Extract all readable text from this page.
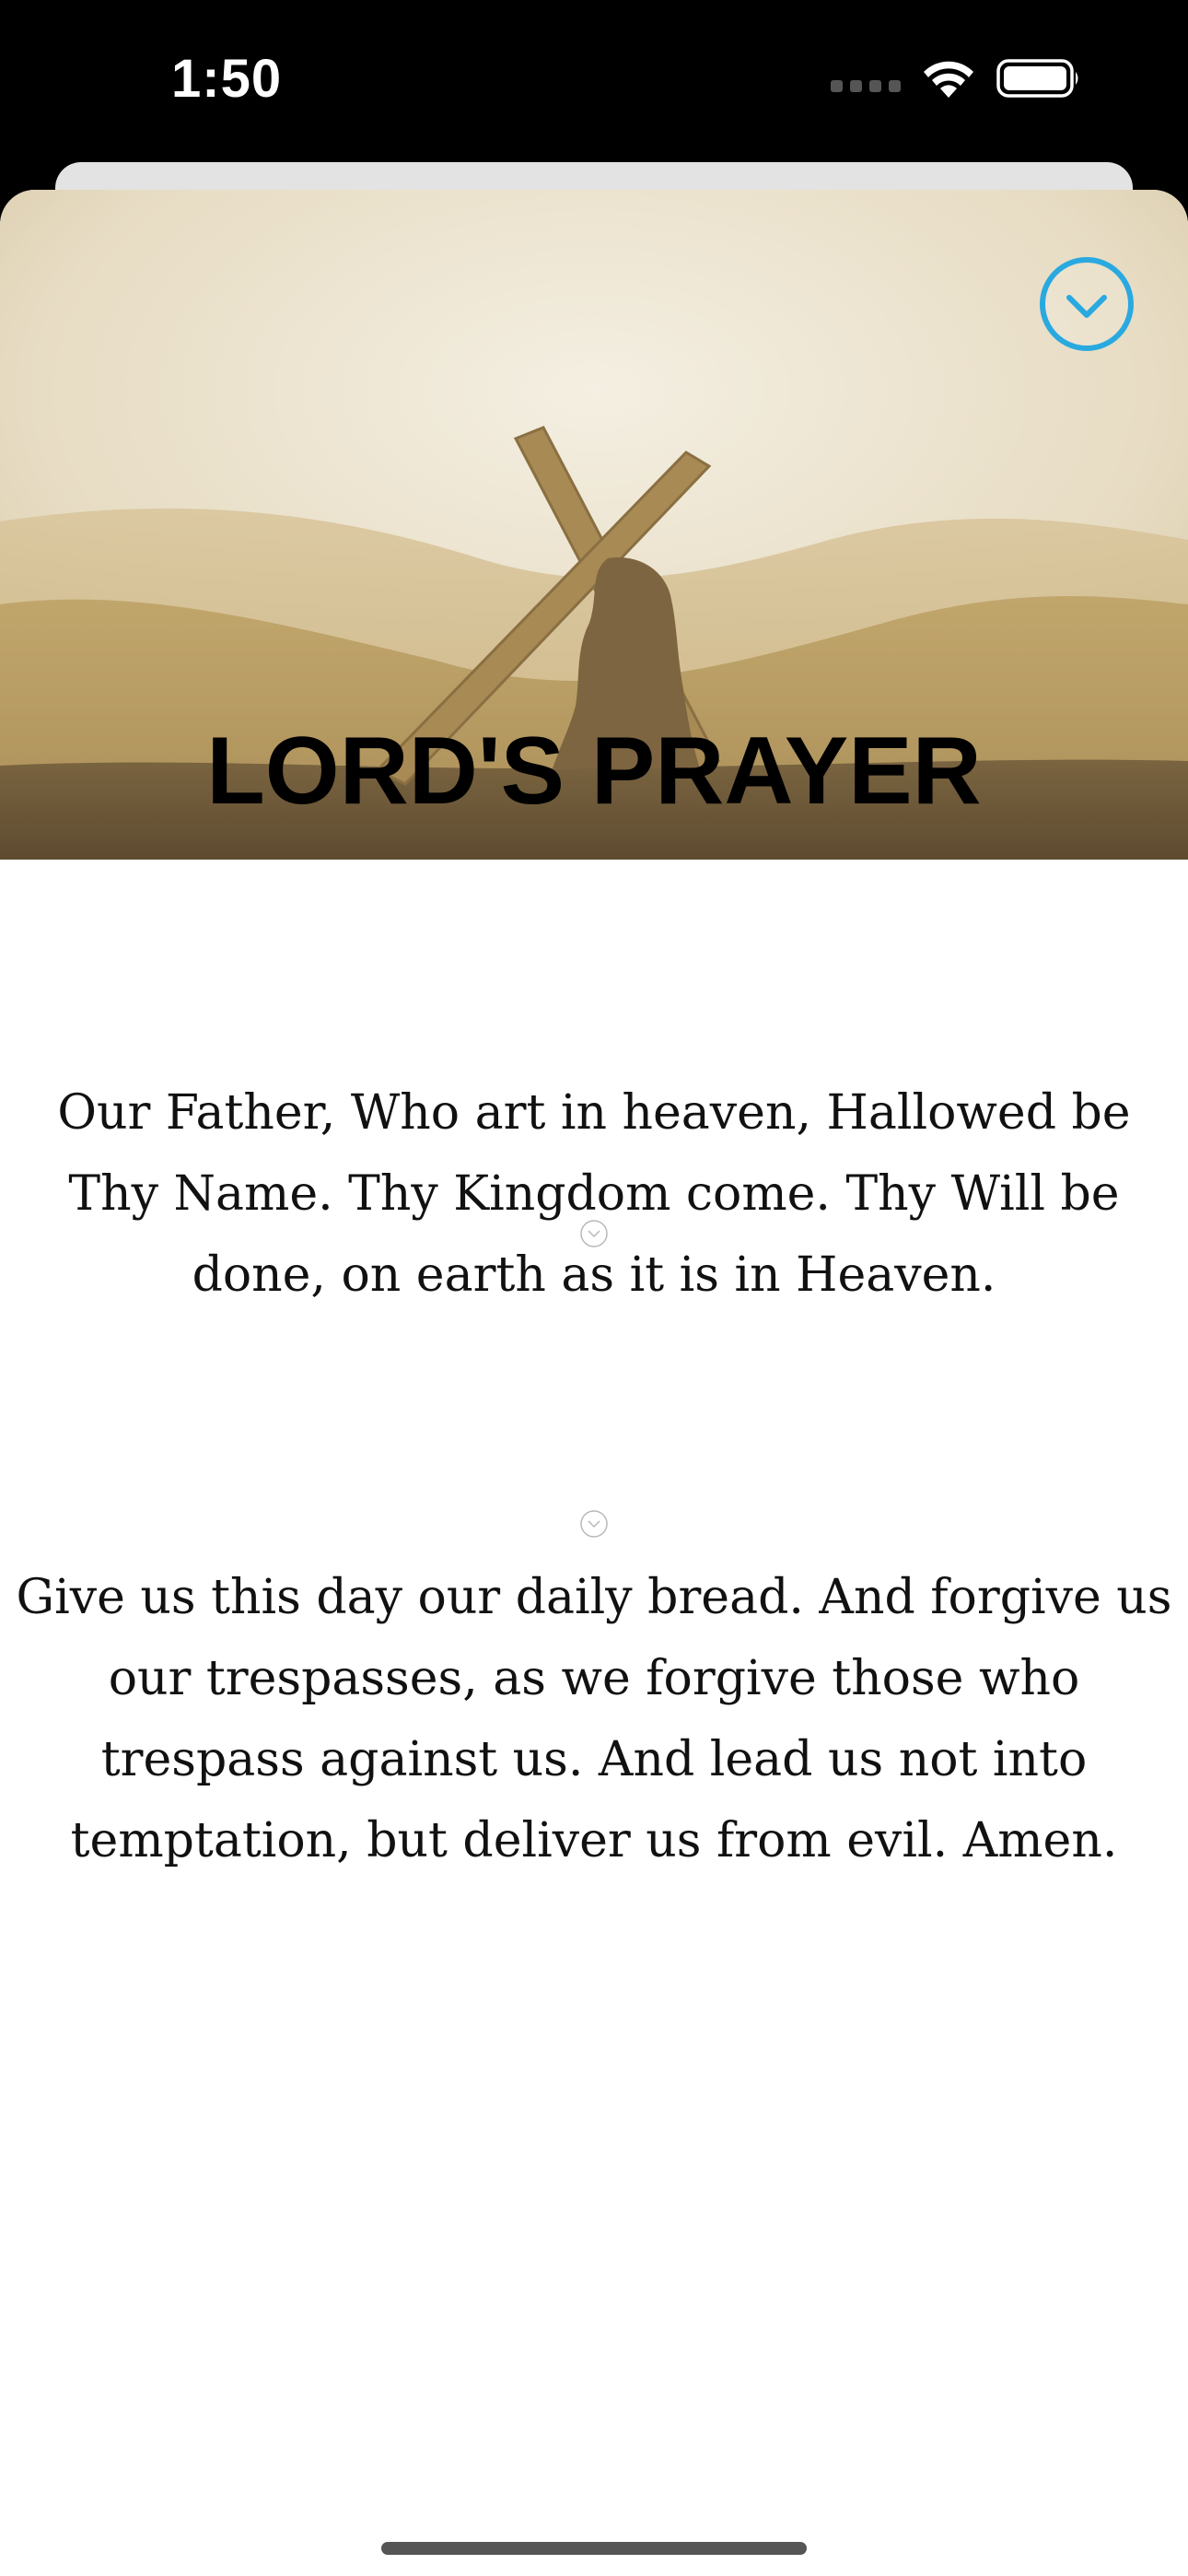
1:50
LORD'S PRAYER

Our Father, Who art in heaven, Hallowed be Thy Name. Thy Kingdom come. Thy Will be done, on earth as it is in Heaven.

Give us this day our daily bread. And forgive us our trespasses, as we forgive those who trespass against us. And lead us not into temptation, but deliver us from evil. Amen.
